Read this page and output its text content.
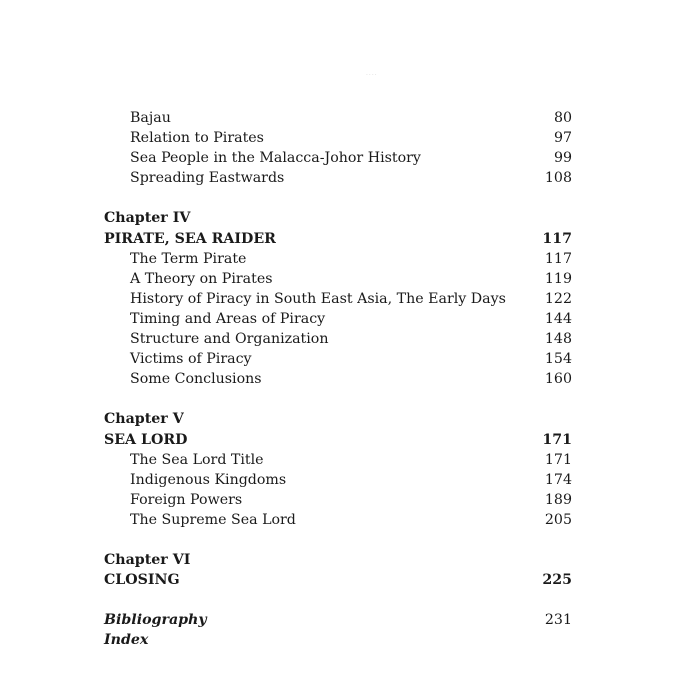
....
Bajau	80
Relation to Pirates	97
Sea People in the Malacca-Johor History	99
Spreading Eastwards	108
Chapter IV
PIRATE, SEA RAIDER	117
The Term Pirate	117
A Theory on Pirates	119
History of Piracy in South East Asia, The Early Days	122
Timing and Areas of Piracy	144
Structure and Organization	148
Victims of Piracy	154
Some Conclusions	160
Chapter V
SEA LORD	171
The Sea Lord Title	171
Indigenous Kingdoms	174
Foreign Powers	189
The Supreme Sea Lord	205
Chapter VI
CLOSING	225
Bibliography	231
Index
